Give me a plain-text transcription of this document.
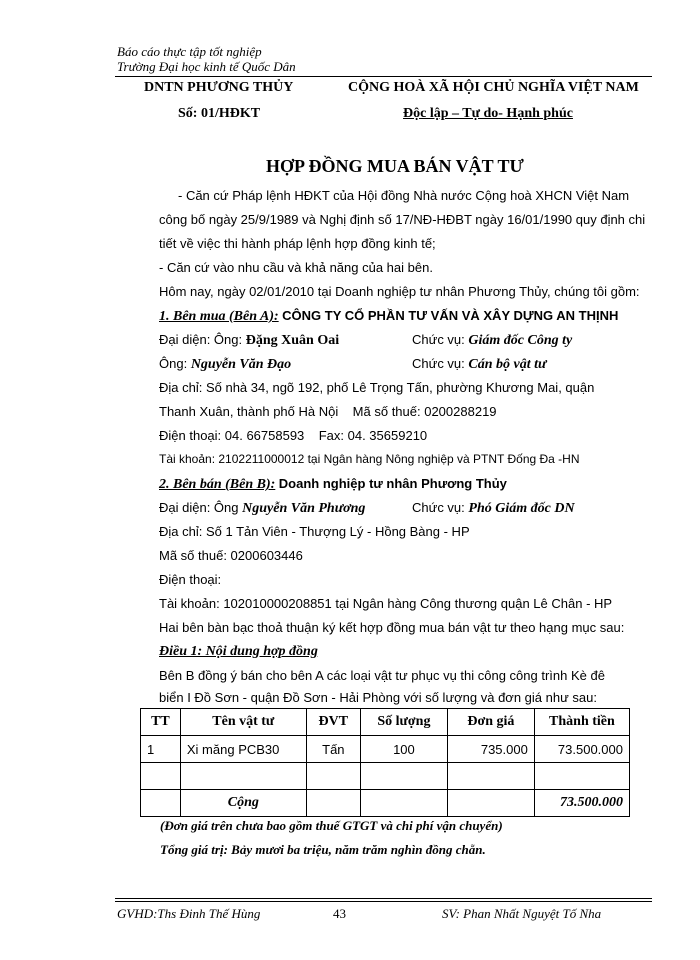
Báo cáo thực tập tốt nghiệp
Trường Đại học kinh tế Quốc Dân
DNTN PHƯƠNG THỦY	CỘNG HOÀ XÃ HỘI CHỦ NGHĨA VIỆT NAM
Số: 01/HĐKT	Độc lập – Tự do- Hạnh phúc
HỢP ĐỒNG MUA BÁN VẬT TƯ
- Căn cứ Pháp lệnh HĐKT của Hội đồng Nhà nước Cộng hoà XHCN Việt Nam
công bố ngày 25/9/1989 và Nghị định số 17/NĐ-HĐBT ngày 16/01/1990 quy định chi
tiết về việc thi hành pháp lệnh hợp đồng kinh tế;
- Căn cứ vào nhu cầu và khả năng của hai bên.
Hôm nay, ngày 02/01/2010 tại Doanh nghiệp tư nhân Phương Thủy, chúng tôi gồm:
1. Bên mua (Bên A): CÔNG TY CỔ PHẦN TƯ VẤN VÀ XÂY DỰNG AN THỊNH
Đại diện: Ông: Đặng Xuân Oai	Chức vụ: Giám đốc Công ty
Ông: Nguyễn Văn Đạo	Chức vụ: Cán bộ vật tư
Địa chỉ: Số nhà 34, ngõ 192, phố Lê Trọng Tấn, phường Khương Mai, quận
Thanh Xuân, thành phố Hà Nội    Mã số thuế: 0200288219
Điện thoại: 04. 66758593    Fax: 04. 35659210
Tài khoản: 2102211000012 tại Ngân hàng Nông nghiệp và PTNT Đống Đa -HN
2. Bên bán (Bên B): Doanh nghiệp tư nhân Phương Thủy
Đại diện: Ông Nguyễn Văn Phương	Chức vụ: Phó Giám đốc DN
Địa chỉ: Số 1 Tản Viên - Thượng Lý - Hồng Bàng - HP
Mã số thuế: 0200603446
Điện thoại:
Tài khoản: 102010000208851 tại Ngân hàng Công thương quận Lê Chân - HP
Hai bên bàn bạc thoả thuận ký kết hợp đồng mua bán vật tư theo hạng mục sau:
Điều 1: Nội dung hợp đồng
Bên B đồng ý bán cho bên A các loại vật tư phục vụ thi công công trình Kè đê
biển I Đồ Sơn - quận Đồ Sơn - Hải Phòng với số lượng và đơn giá như sau:
TT	Tên vật tư	ĐVT	Số lượng	Đơn giá	Thành tiền
1	Xi măng PCB30	Tấn	100	735.000	73.500.000

	Cộng				73.500.000
(Đơn giá trên chưa bao gồm thuế GTGT và chi phí vận chuyển)
Tổng giá trị: Bảy mươi ba triệu, năm trăm nghìn đồng chẵn.
GVHD:Ths Đinh Thế Hùng	43	SV: Phan Nhất Nguyệt Tố Nha
